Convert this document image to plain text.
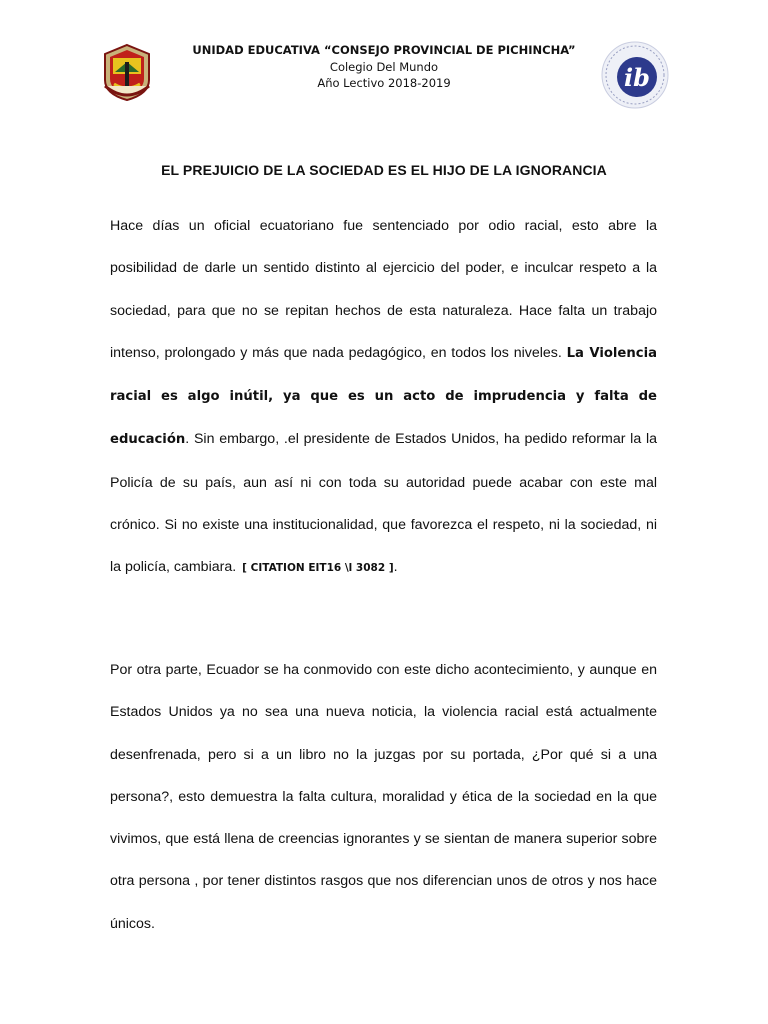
UNIDAD EDUCATIVA “CONSEJO PROVINCIAL DE PICHINCHA”
Colegio Del Mundo
Año Lectivo 2018-2019	ib
EL PREJUICIO DE LA SOCIEDAD ES EL HIJO DE LA IGNORANCIA
Hace días un oficial ecuatoriano fue sentenciado por odio racial, esto abre la posibilidad de darle un sentido distinto al ejercicio del poder, e inculcar respeto a la sociedad, para que no se repitan hechos de esta naturaleza. Hace falta un trabajo intenso, prolongado y más que nada pedagógico, en todos los niveles. La Violencia racial es algo inútil, ya que es un acto de imprudencia y falta de educación. Sin embargo, .el presidente de Estados Unidos, ha pedido reformar la la Policía de su país, aun así ni con toda su autoridad puede acabar con este mal crónico. Si no existe una institucionalidad, que favorezca el respeto, ni la sociedad, ni la policía, cambiara. [ CITATION EIT16 \l 3082 ].
Por otra parte, Ecuador se ha conmovido con este dicho acontecimiento, y aunque en Estados Unidos ya no sea una nueva noticia, la violencia racial está actualmente desenfrenada, pero si a un libro no la juzgas por su portada, ¿Por qué si a una persona?, esto demuestra la falta cultura, moralidad y ética de la sociedad en la que vivimos, que está llena de creencias ignorantes y se sientan de manera superior sobre otra persona , por tener distintos rasgos que nos diferencian unos de otros y nos hace únicos.
